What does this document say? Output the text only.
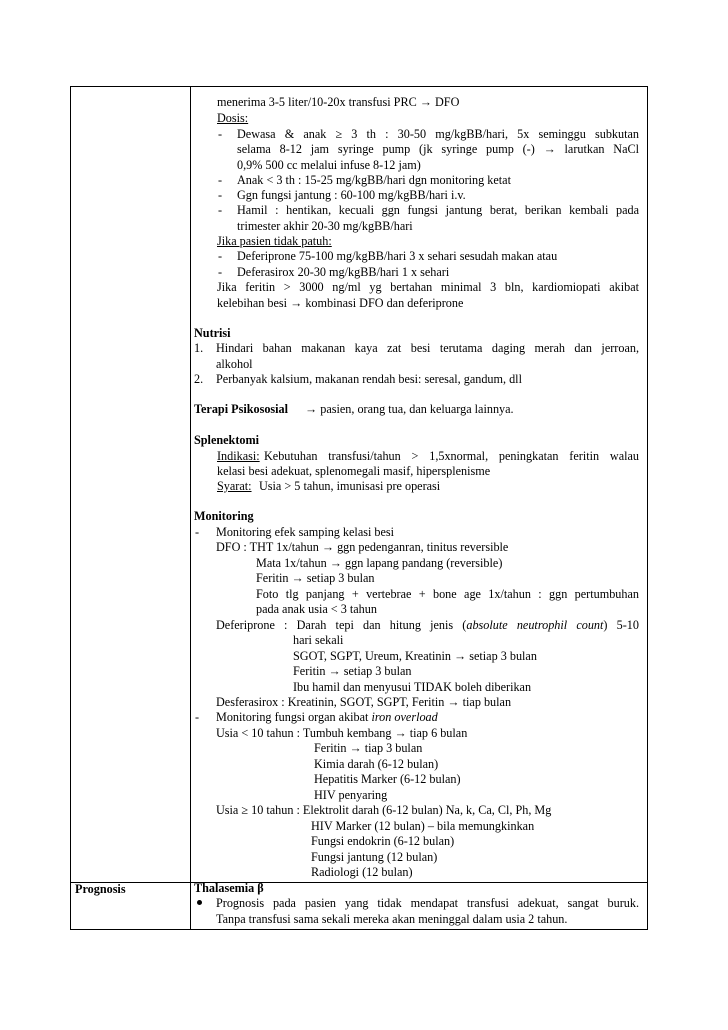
Prognosis
menerima 3-5 liter/10-20x transfusi PRC → DFO
Dosis:
- Dewasa & anak ≥ 3 th : 30-50 mg/kgBB/hari, 5x seminggu subkutan
selama 8-12 jam syringe pump (jk syringe pump (-) → larutkan NaCl
0,9% 500 cc melalui infuse 8-12 jam)
- Anak < 3 th : 15-25 mg/kgBB/hari dgn monitoring ketat
- Ggn fungsi jantung : 60-100 mg/kgBB/hari i.v.
- Hamil : hentikan, kecuali ggn fungsi jantung berat, berikan kembali pada
trimester akhir 20-30 mg/kgBB/hari
Jika pasien tidak patuh:
- Deferiprone 75-100 mg/kgBB/hari 3 x sehari sesudah makan atau
- Deferasirox 20-30 mg/kgBB/hari 1 x sehari
Jika feritin > 3000 ng/ml yg bertahan minimal 3 bln, kardiomiopati akibat
kelebihan besi → kombinasi DFO dan deferiprone
Nutrisi
1. Hindari bahan makanan kaya zat besi terutama daging merah dan jerroan,
alkohol
2. Perbanyak kalsium, makanan rendah besi: seresal, gandum, dll
Terapi Psikososial → pasien, orang tua, dan keluarga lainnya.
Splenektomi
Indikasi: Kebutuhan transfusi/tahun > 1,5xnormal, peningkatan feritin walau
kelasi besi adekuat, splenomegali masif, hipersplenisme
Syarat: Usia > 5 tahun, imunisasi pre operasi
Monitoring
- Monitoring efek samping kelasi besi
DFO : THT 1x/tahun → ggn pedenganran, tinitus reversible
Mata 1x/tahun → ggn lapang pandang (reversible)
Feritin → setiap 3 bulan
Foto tlg panjang + vertebrae + bone age 1x/tahun : ggn pertumbuhan
pada anak usia < 3 tahun
Deferiprone : Darah tepi dan hitung jenis (absolute neutrophil count) 5-10
hari sekali
SGOT, SGPT, Ureum, Kreatinin → setiap 3 bulan
Feritin → setiap 3 bulan
Ibu hamil dan menyusui TIDAK boleh diberikan
Desferasirox : Kreatinin, SGOT, SGPT, Feritin → tiap bulan
- Monitoring fungsi organ akibat iron overload
Usia < 10 tahun : Tumbuh kembang → tiap 6 bulan
Feritin → tiap 3 bulan
Kimia darah (6-12 bulan)
Hepatitis Marker (6-12 bulan)
HIV penyaring
Usia ≥ 10 tahun : Elektrolit darah (6-12 bulan) Na, k, Ca, Cl, Ph, Mg
HIV Marker (12 bulan) – bila memungkinkan
Fungsi endokrin (6-12 bulan)
Fungsi jantung (12 bulan)
Radiologi (12 bulan)
Thalasemia β
Prognosis pada pasien yang tidak mendapat transfusi adekuat, sangat buruk.
Tanpa transfusi sama sekali mereka akan meninggal dalam usia 2 tahun.
